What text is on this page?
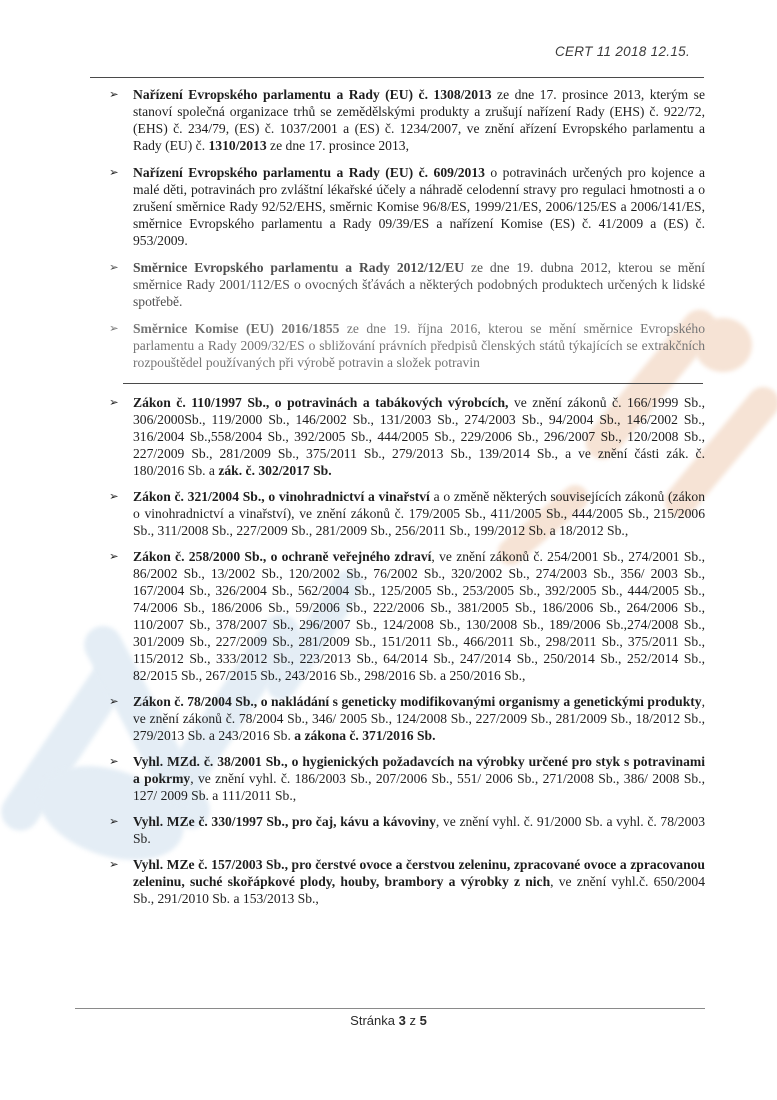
CERT 11 2018 12.15.
➢ Nařízení Evropského parlamentu a Rady (EU) č. 1308/2013 ze dne 17. prosince 2013, kterým se stanoví společná organizace trhů se zemědělskými produkty a zrušují nařízení Rady (EHS) č. 922/72, (EHS) č. 234/79, (ES) č. 1037/2001 a (ES) č. 1234/2007, ve znění ařízení Evropského parlamentu a Rady (EU) č. 1310/2013 ze dne 17. prosince 2013,
➢ Nařízení Evropského parlamentu a Rady (EU) č. 609/2013 o potravinách určených pro kojence a malé děti, potravinách pro zvláštní lékařské účely a náhradě celodenní stravy pro regulaci hmotnosti a o zrušení směrnice Rady 92/52/EHS, směrnic Komise 96/8/ES, 1999/21/ES, 2006/125/ES a 2006/141/ES, směrnice Evropského parlamentu a Rady 09/39/ES a nařízení Komise (ES) č. 41/2009 a (ES) č. 953/2009.
➢ Směrnice Evropského parlamentu a Rady 2012/12/EU ze dne 19. dubna 2012, kterou se mění směrnice Rady 2001/112/ES o ovocných šťávách a některých podobných produktech určených k lidské spotřebě.
➢ Směrnice Komise (EU) 2016/1855 ze dne 19. října 2016, kterou se mění směrnice Evropského parlamentu a Rady 2009/32/ES o sbližování právních předpisů členských států týkajících se extrakčních rozpouštědel používaných při výrobě potravin a složek potravin
➢ Zákon č. 110/1997 Sb., o potravinách a tabákových výrobcích, ve znění zákonů č. 166/1999 Sb., 306/2000Sb., 119/2000 Sb., 146/2002 Sb., 131/2003 Sb., 274/2003 Sb., 94/2004 Sb., 146/2002 Sb., 316/2004 Sb.,558/2004 Sb., 392/2005 Sb., 444/2005 Sb., 229/2006 Sb., 296/2007 Sb., 120/2008 Sb., 227/2009 Sb., 281/2009 Sb., 375/2011 Sb., 279/2013 Sb., 139/2014 Sb., a ve znění části zák. č. 180/2016 Sb. a zák. č. 302/2017 Sb.
➢ Zákon č. 321/2004 Sb., o vinohradnictví a vinařství a o změně některých souvisejících zákonů (zákon o vinohradnictví a vinařství), ve znění zákonů č. 179/2005 Sb., 411/2005 Sb., 444/2005 Sb., 215/2006 Sb., 311/2008 Sb., 227/2009 Sb., 281/2009 Sb., 256/2011 Sb., 199/2012 Sb. a 18/2012 Sb.,
➢ Zákon č. 258/2000 Sb., o ochraně veřejného zdraví, ve znění zákonů č. 254/2001 Sb., 274/2001 Sb., 86/2002 Sb., 13/2002 Sb., 120/2002 Sb., 76/2002 Sb., 320/2002 Sb., 274/2003 Sb., 356/ 2003 Sb., 167/2004 Sb., 326/2004 Sb., 562/2004 Sb., 125/2005 Sb., 253/2005 Sb., 392/2005 Sb., 444/2005 Sb., 74/2006 Sb., 186/2006 Sb., 59/2006 Sb., 222/2006 Sb., 381/2005 Sb., 186/2006 Sb., 264/2006 Sb., 110/2007 Sb., 378/2007 Sb., 296/2007 Sb., 124/2008 Sb., 130/2008 Sb., 189/2006 Sb.,274/2008 Sb., 301/2009 Sb., 227/2009 Sb., 281/2009 Sb., 151/2011 Sb., 466/2011 Sb., 298/2011 Sb., 375/2011 Sb., 115/2012 Sb., 333/2012 Sb., 223/2013 Sb., 64/2014 Sb., 247/2014 Sb., 250/2014 Sb., 252/2014 Sb., 82/2015 Sb., 267/2015 Sb., 243/2016 Sb., 298/2016 Sb. a 250/2016 Sb.,
➢ Zákon č. 78/2004 Sb., o nakládání s geneticky modifikovanými organismy a genetickými produkty, ve znění zákonů č. 78/2004 Sb., 346/ 2005 Sb., 124/2008 Sb., 227/2009 Sb., 281/2009 Sb., 18/2012 Sb., 279/2013 Sb. a 243/2016 Sb. a zákona č. 371/2016 Sb.
➢ Vyhl. MZd. č. 38/2001 Sb., o hygienických požadavcích na výrobky určené pro styk s potravinami a pokrmy, ve znění vyhl. č. 186/2003 Sb., 207/2006 Sb., 551/ 2006 Sb., 271/2008 Sb., 386/ 2008 Sb., 127/ 2009 Sb. a 111/2011 Sb.,
➢ Vyhl. MZe č. 330/1997 Sb., pro čaj, kávu a kávoviny, ve znění vyhl. č. 91/2000 Sb. a vyhl. č. 78/2003 Sb.
➢ Vyhl. MZe č. 157/2003 Sb., pro čerstvé ovoce a čerstvou zeleninu, zpracované ovoce a zpracovanou zeleninu, suché skořápkové plody, houby, brambory a výrobky z nich, ve znění vyhl.č. 650/2004 Sb., 291/2010 Sb. a 153/2013 Sb.,
Stránka 3 z 5
